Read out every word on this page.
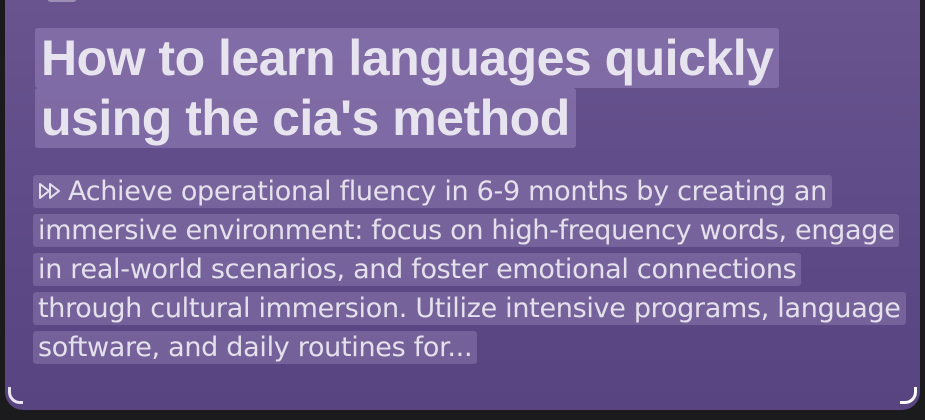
How to learn languages quickly using the cia's method

Achieve operational fluency in 6-9 months by creating an immersive environment: focus on high-frequency words, engage in real-world scenarios, and foster emotional connections through cultural immersion. Utilize intensive programs, language software, and daily routines for...
